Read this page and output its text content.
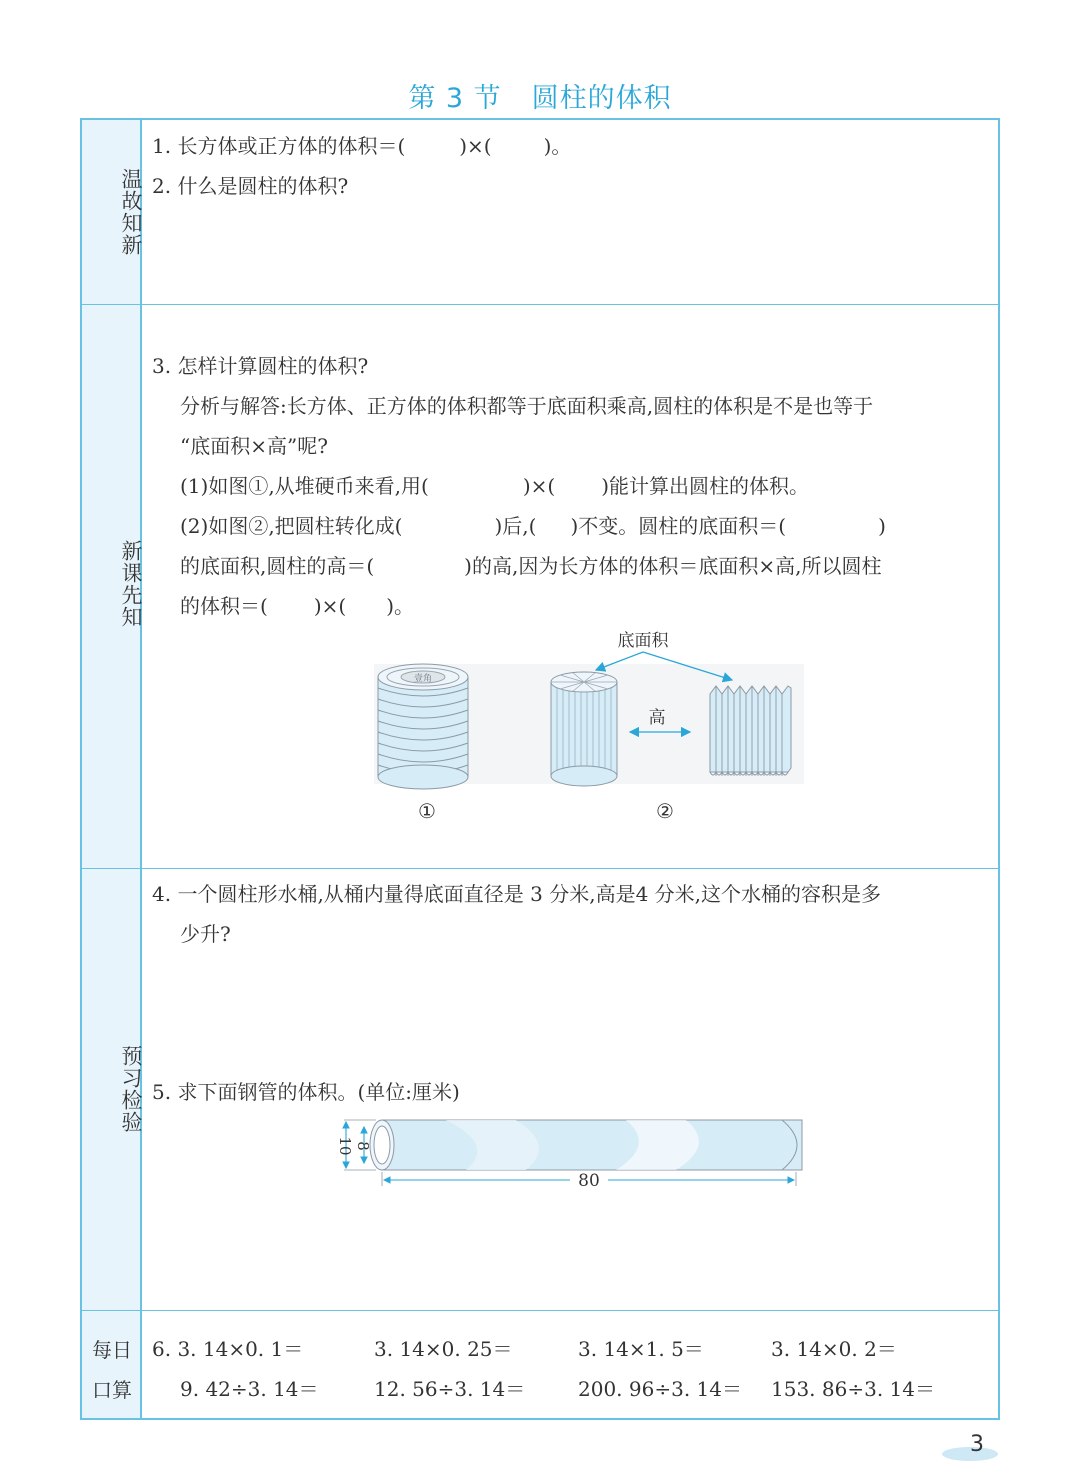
第 3 节 圆柱的体积
温故知新
新课先知
预习检验
每日
口算
1. 长方体或正方体的体积＝(	)×(	)。
2. 什么是圆柱的体积?
3. 怎样计算圆柱的体积?
分析与解答:长方体、正方体的体积都等于底面积乘高,圆柱的体积是不是也等于
“底面积×高”呢?
(1)如图①,从堆硬币来看,用(	)×( )能计算出圆柱的体积。
(2)如图②,把圆柱转化成(	)后,( )不变。圆柱的底面积＝(	)
的底面积,圆柱的高＝(	)的高,因为长方体的体积＝底面积×高,所以圆柱
的体积＝( )×( )。
壹角
底面积
高
①	②
4. 一个圆柱形水桶,从桶内量得底面直径是 3 分米,高是4 分米,这个水桶的容积是多
少升?
5. 求下面钢管的体积。(单位:厘米)
10 8
80
6. 3. 14×0. 1＝	3. 14×0. 25＝	3. 14×1. 5＝	3. 14×0. 2＝
9. 42÷3. 14＝	12. 56÷3. 14＝	200. 96÷3. 14＝ 153. 86÷3. 14＝
3
